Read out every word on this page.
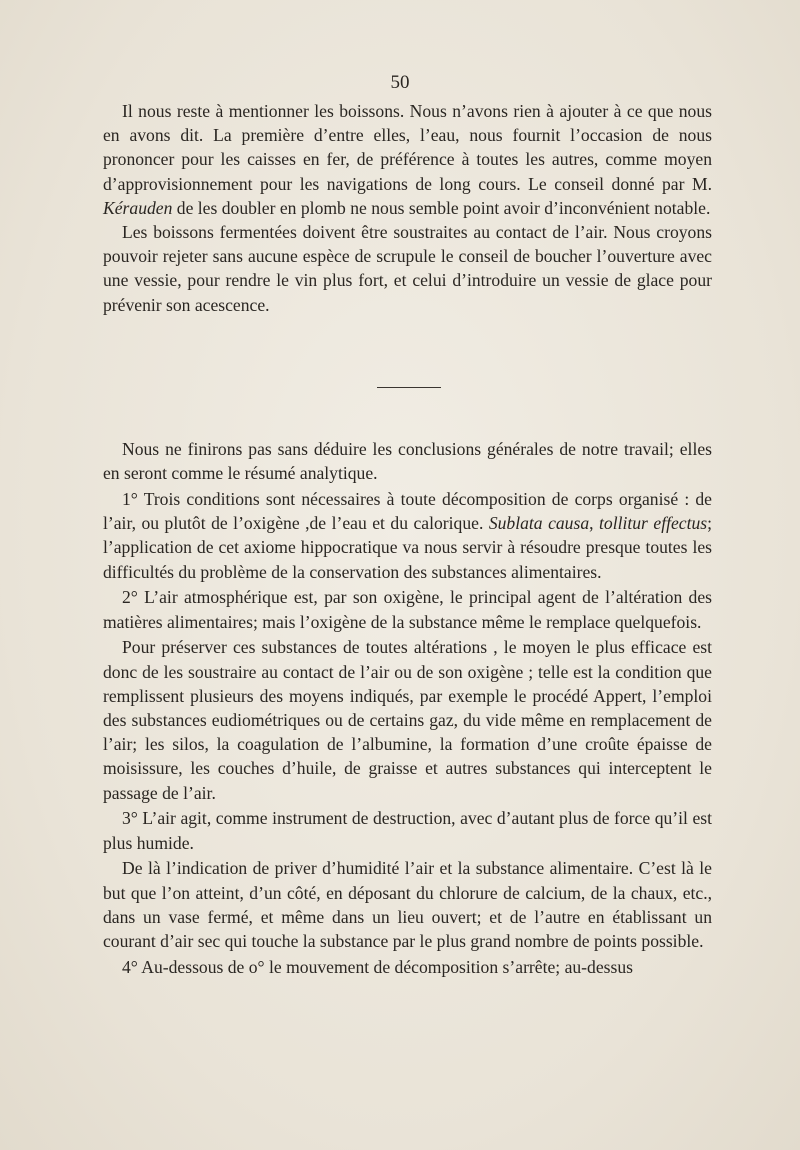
50

Il nous reste à mentionner les boissons. Nous n’avons rien à ajouter à ce que nous en avons dit. La première d’entre elles, l’eau, nous fournit l’occasion de nous prononcer pour les caisses en fer, de préférence à toutes les autres, comme moyen d’approvisionnement pour les navigations de long cours. Le conseil donné par M. Kérauden de les doubler en plomb ne nous semble point avoir d’inconvénient notable.

Les boissons fermentées doivent être soustraites au contact de l’air. Nous croyons pouvoir rejeter sans aucune espèce de scrupule le conseil de boucher l’ouverture avec une vessie, pour rendre le vin plus fort, et celui d’introduire un vessie de glace pour prévenir son acescence.

Nous ne finirons pas sans déduire les conclusions générales de notre travail; elles en seront comme le résumé analytique.

1° Trois conditions sont nécessaires à toute décomposition de corps organisé : de l’air, ou plutôt de l’oxigène ,de l’eau et du calorique. Sublata causa, tollitur effectus; l’application de cet axiome hippocratique va nous servir à résoudre presque toutes les difficultés du problème de la conservation des substances alimentaires.

2° L’air atmosphérique est, par son oxigène, le principal agent de l’altération des matières alimentaires; mais l’oxigène de la substance même le remplace quelquefois.

Pour préserver ces substances de toutes altérations , le moyen le plus efficace est donc de les soustraire au contact de l’air ou de son oxigène ; telle est la condition que remplissent plusieurs des moyens indiqués, par exemple le procédé Appert, l’emploi des substances eudiométriques ou de certains gaz, du vide même en remplacement de l’air; les silos, la coagulation de l’albumine, la formation d’une croûte épaisse de moisissure, les couches d’huile, de graisse et autres substances qui interceptent le passage de l’air.

3° L’air agit, comme instrument de destruction, avec d’autant plus de force qu’il est plus humide.

De là l’indication de priver d’humidité l’air et la substance alimentaire. C’est là le but que l’on atteint, d’un côté, en déposant du chlorure de calcium, de la chaux, etc., dans un vase fermé, et même dans un lieu ouvert; et de l’autre en établissant un courant d’air sec qui touche la substance par le plus grand nombre de points possible.

4° Au-dessous de o° le mouvement de décomposition s’arrête; au-dessus
